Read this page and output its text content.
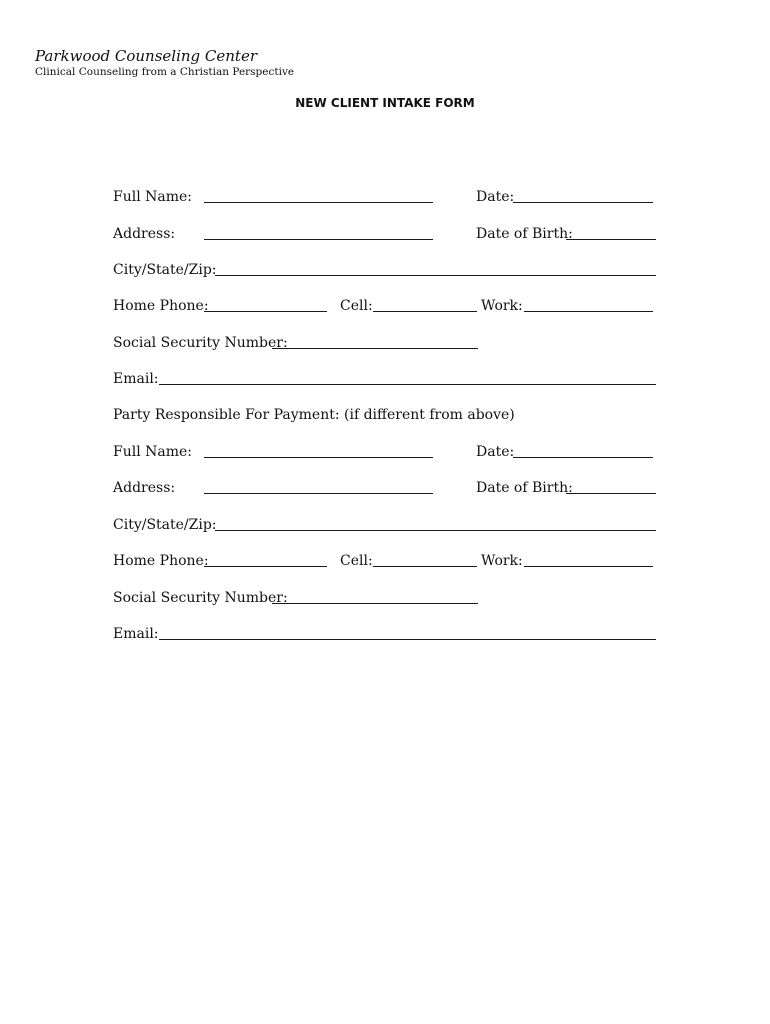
Parkwood Counseling Center
Clinical Counseling from a Christian Perspective
NEW CLIENT INTAKE FORM
Full Name:	Date:
Address:	Date of Birth:
City/State/Zip:
Home Phone:	Cell:	Work:
Social Security Number:
Email:
Party Responsible For Payment: (if different from above)
Full Name:	Date:
Address:	Date of Birth:
City/State/Zip:
Home Phone:	Cell:	Work:
Social Security Number:
Email:
